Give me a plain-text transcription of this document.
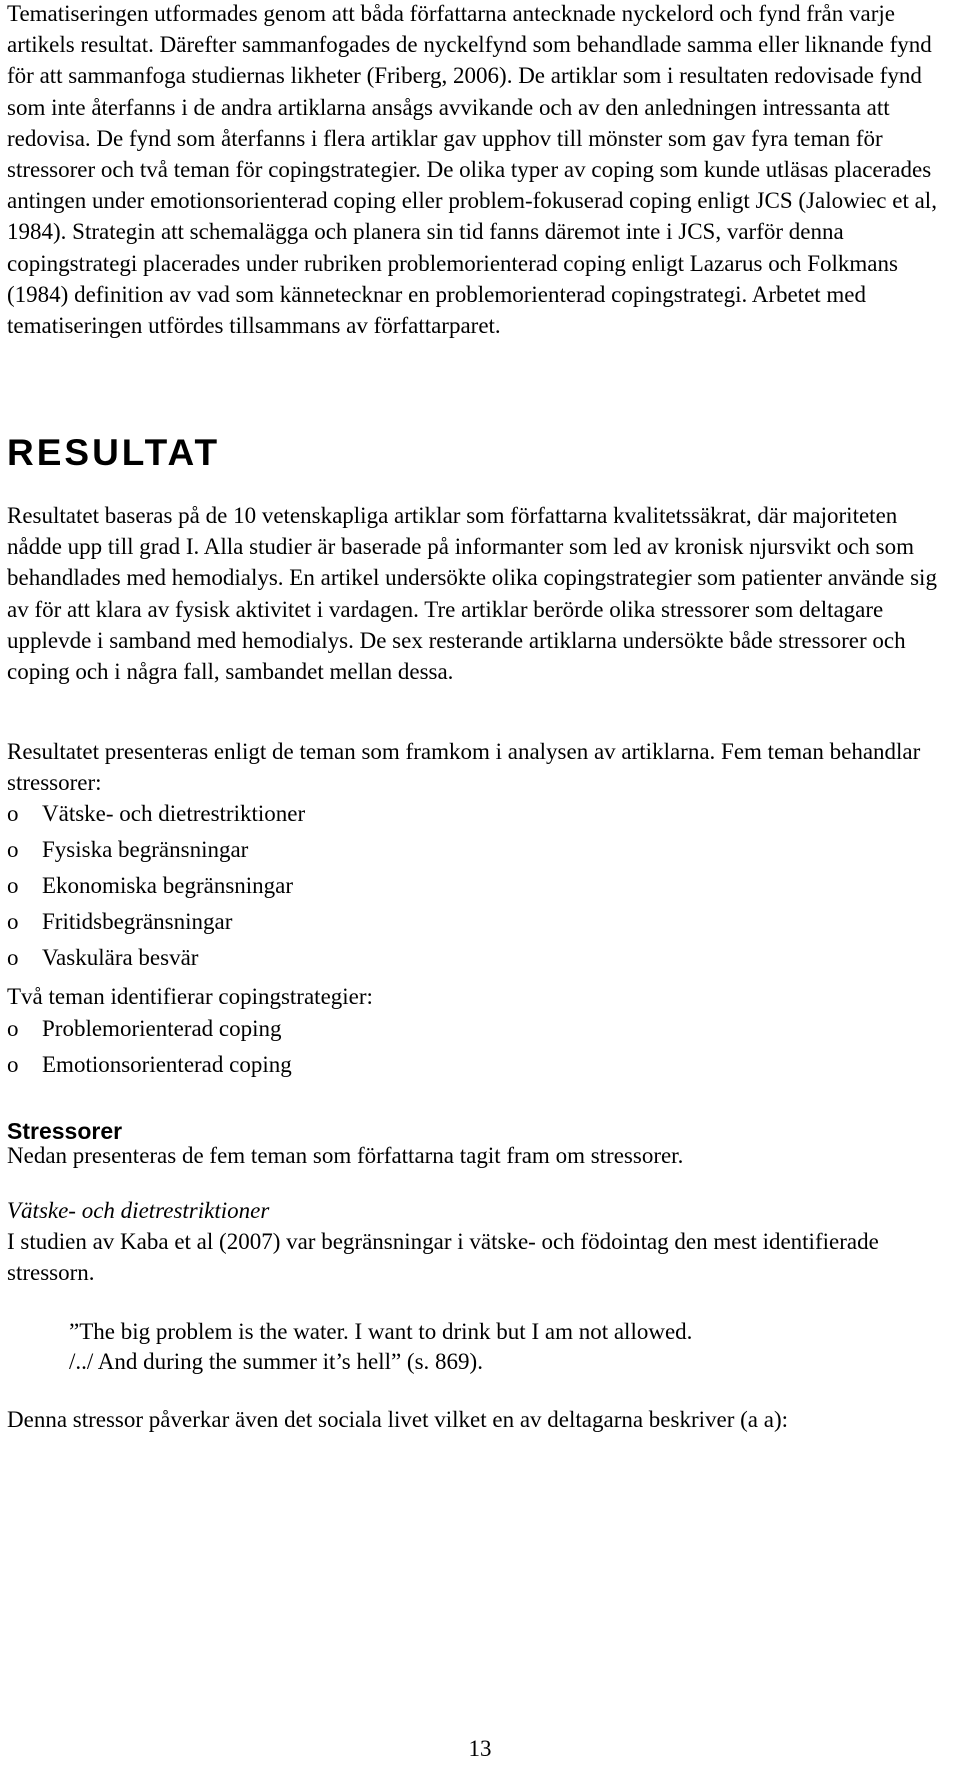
Tematiseringen utformades genom att båda författarna antecknade nyckelord och fynd från varje artikels resultat. Därefter sammanfogades de nyckelfynd som behandlade samma eller liknande fynd för att sammanfoga studiernas likheter (Friberg, 2006). De artiklar som i resultaten redovisade fynd som inte återfanns i de andra artiklarna ansågs avvikande och av den anledningen intressanta att redovisa. De fynd som återfanns i flera artiklar gav upphov till mönster som gav fyra teman för stressorer och två teman för copingstrategier. De olika typer av coping som kunde utläsas placerades antingen under emotionsorienterad coping eller problem-fokuserad coping enligt JCS (Jalowiec et al, 1984). Strategin att schemalägga och planera sin tid fanns däremot inte i JCS, varför denna copingstrategi placerades under rubriken problemorienterad coping enligt Lazarus och Folkmans (1984) definition av vad som kännetecknar en problemorienterad copingstrategi. Arbetet med tematiseringen utfördes tillsammans av författarparet.

RESULTAT

Resultatet baseras på de 10 vetenskapliga artiklar som författarna kvalitetssäkrat, där majoriteten nådde upp till grad I. Alla studier är baserade på informanter som led av kronisk njursvikt och som behandlades med hemodialys. En artikel undersökte olika copingstrategier som patienter använde sig av för att klara av fysisk aktivitet i vardagen. Tre artiklar berörde olika stressorer som deltagare upplevde i samband med hemodialys. De sex resterande artiklarna undersökte både stressorer och coping och i några fall, sambandet mellan dessa.

Resultatet presenteras enligt de teman som framkom i analysen av artiklarna. Fem teman behandlar stressorer:

o Vätske- och dietrestriktioner
o Fysiska begränsningar
o Ekonomiska begränsningar
o Fritidsbegränsningar
o Vaskulära besvär

Två teman identifierar copingstrategier:

o Problemorienterad coping
o Emotionsorienterad coping
Stressorer

Nedan presenteras de fem teman som författarna tagit fram om stressorer.

Vätske- och dietrestriktioner

I studien av Kaba et al (2007) var begränsningar i vätske- och födointag den mest identifierade stressorn.

”The big problem is the water. I want to drink but I am not allowed.

/../ And during the summer it’s hell” (s. 869).

Denna stressor påverkar även det sociala livet vilket en av deltagarna beskriver (a a):

13
